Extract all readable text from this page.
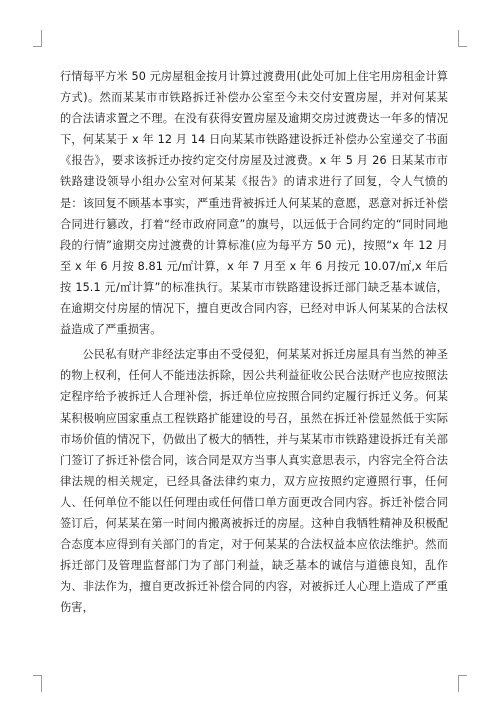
行情每平方米 50 元房屋租金按月计算过渡费用(此处可加上住宅用房租金计算方式)。然而某某市市铁路拆迁补偿办公室至今未交付安置房屋，并对何某某的合法请求置之不理。在没有获得安置房屋及逾期交房过渡费达一年多的情况下，何某某于 x 年 12 月 14 日向某某市铁路建设拆迁补偿办公室递交了书面《报告》，要求该拆迁办按约定交付房屋及过渡费。x 年 5 月 26 日某某市市铁路建设领导小组办公室对何某某《报告》的请求进行了回复，令人气愤的是：该回复不顾基本事实，严重违背被拆迁人何某某的意愿，恶意对拆迁补偿合同进行篡改，打着“经市政府同意”的旗号，以远低于合同约定的“同时同地段的行情”逾期交房过渡费的计算标准(应为每平方 50 元)，按照“x 年 12 月至 x 年 6 月按 8.81 元/㎡计算，x 年 7 月至 x 年 6 月按元 10.07/㎡,x 年后按 15.1 元/㎡计算”的标准执行。某某市市铁路建设拆迁部门缺乏基本诚信，在逾期交付房屋的情况下，擅自更改合同内容，已经对申诉人何某某的合法权益造成了严重损害。

公民私有财产非经法定事由不受侵犯，何某某对拆迁房屋具有当然的神圣的物上权利，任何人不能违法拆除，因公共利益征收公民合法财产也应按照法定程序给予被拆迁人合理补偿，拆迁单位应按照合同约定履行拆迁义务。何某某积极响应国家重点工程铁路扩能建设的号召，虽然在拆迁补偿显然低于实际市场价值的情况下，仍做出了极大的牺牲，并与某某市市铁路建设拆迁有关部门签订了拆迁补偿合同，该合同是双方当事人真实意思表示，内容完全符合法律法规的相关规定，已经具备法律约束力，双方应按照约定遵照行事，任何人、任何单位不能以任何理由或任何借口单方面更改合同内容。拆迁补偿合同签订后，何某某在第一时间内搬离被拆迁的房屋。这种自我牺牲精神及积极配合态度本应得到有关部门的肯定，对于何某某的合法权益本应依法维护。然而拆迁部门及管理监督部门为了部门利益，缺乏基本的诚信与道德良知，乱作为、非法作为，擅自更改拆迁补偿合同的内容，对被拆迁人心理上造成了严重伤害，
